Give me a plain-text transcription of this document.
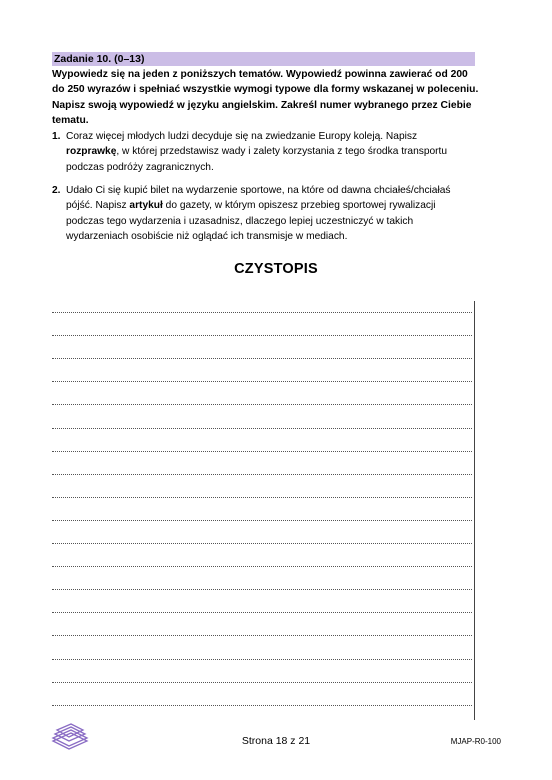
Zadanie 10. (0–13)
Wypowiedz się na jeden z poniższych tematów. Wypowiedź powinna zawierać od 200 do 250 wyrazów i spełniać wszystkie wymogi typowe dla formy wskazanej w poleceniu. Napisz swoją wypowiedź w języku angielskim. Zakreśl numer wybranego przez Ciebie tematu.
1. Coraz więcej młodych ludzi decyduje się na zwiedzanie Europy koleją. Napisz rozprawkę, w której przedstawisz wady i zalety korzystania z tego środka transportu podczas podróży zagranicznych.
2. Udało Ci się kupić bilet na wydarzenie sportowe, na które od dawna chciałeś/chciałaś pójść. Napisz artykuł do gazety, w którym opiszesz przebieg sportowej rywalizacji podczas tego wydarzenia i uzasadnisz, dlaczego lepiej uczestniczyć w takich wydarzeniach osobiście niż oglądać ich transmisje w mediach.
CZYSTOPIS
Strona 18 z 21	MJAP-R0-100
